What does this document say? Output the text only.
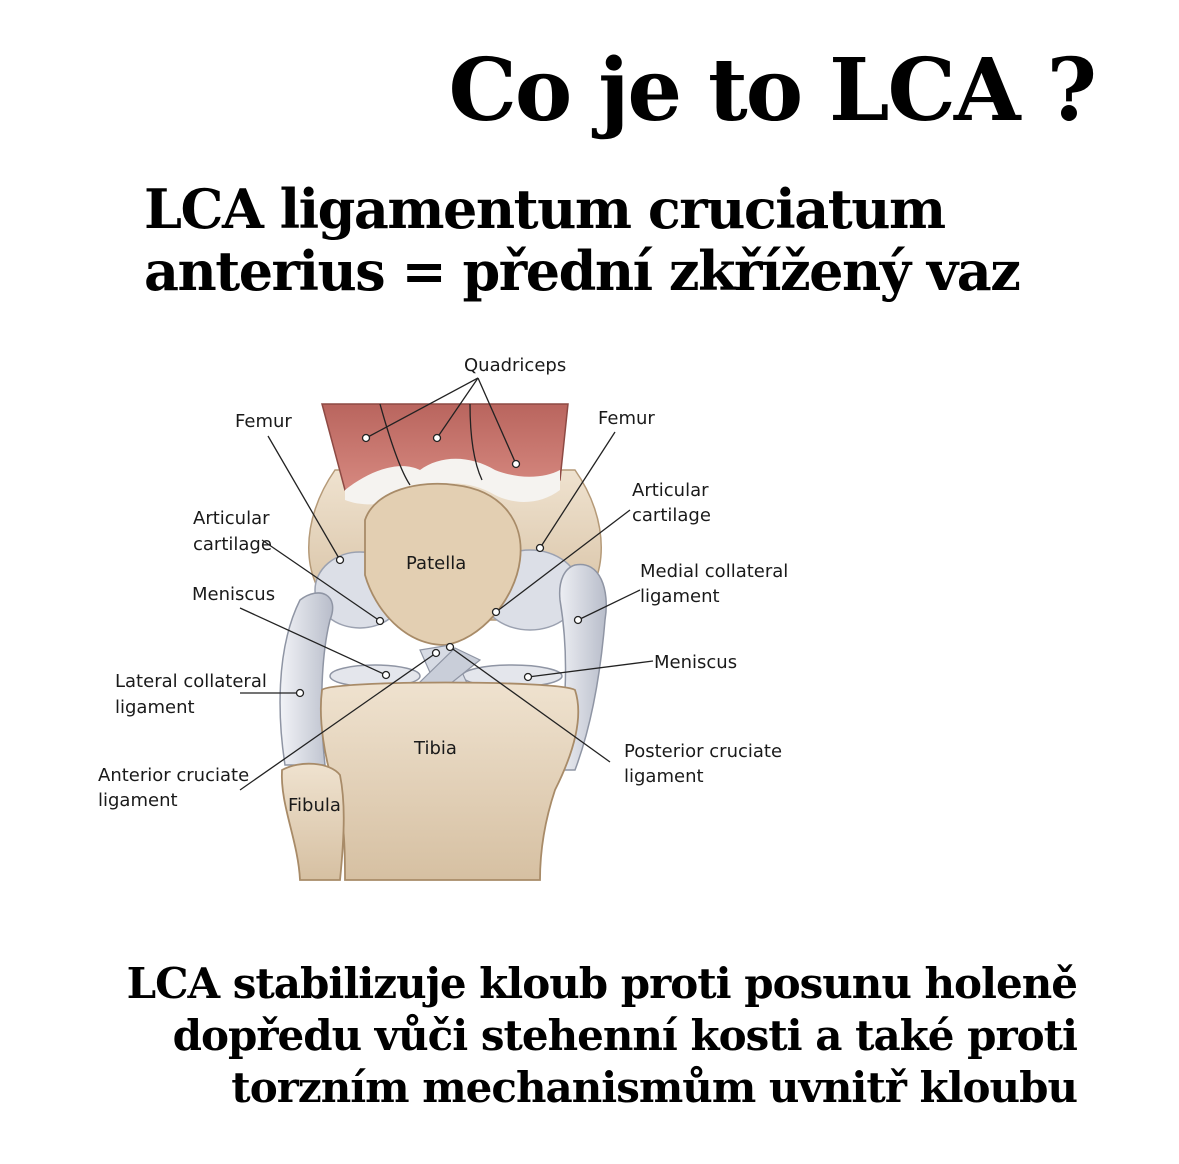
Co je to LCA ?
LCA ligamentum cruciatum
anterius = přední zkřížený vaz
Quadriceps
Femur	Femur
Articular
cartilage
Articular
cartilage
Patella
Meniscus
Medial collateral
ligament
Meniscus
Lateral collateral
ligament
Tibia	Posterior cruciate
ligament
Anterior cruciate
ligament	Fibula
LCA stabilizuje kloub proti posunu holeně
dopředu vůči stehenní kosti a také proti
torzním mechanismům uvnitř kloubu
